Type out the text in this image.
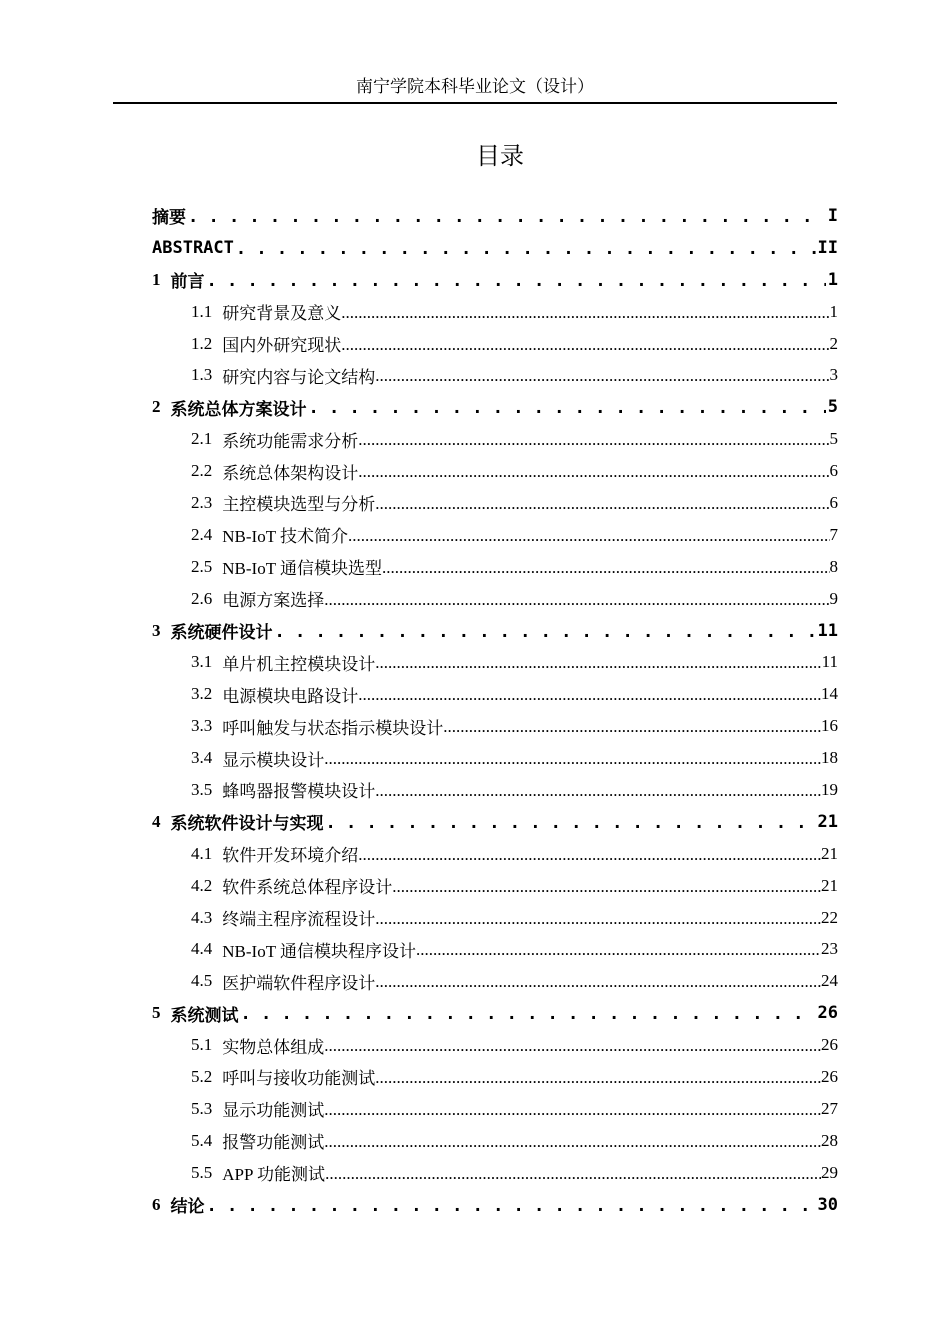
南宁学院本科毕业论文（设计）
目录
摘要 . . .	I
ABSTRACT . . .	II
1 前言 . . .	1
1.1 研究背景及意义 .....	1
1.2 国内外研究现状 .....	2
1.3 研究内容与论文结构 .....	3
2 系统总体方案设计 . . .	5
2.1 系统功能需求分析 .....	5
2.2 系统总体架构设计 .....	6
2.3 主控模块选型与分析 .....	6
2.4 NB-IoT 技术简介 .....	7
2.5 NB-IoT 通信模块选型 .....	8
2.6 电源方案选择 .....	9
3 系统硬件设计 . . .	11
3.1 单片机主控模块设计 .....	11
3.2 电源模块电路设计 .....	14
3.3 呼叫触发与状态指示模块设计 .....	16
3.4 显示模块设计 .....	18
3.5 蜂鸣器报警模块设计 .....	19
4 系统软件设计与实现 . . .	21
4.1 软件开发环境介绍 .....	21
4.2 软件系统总体程序设计 .....	21
4.3 终端主程序流程设计 .....	22
4.4 NB-IoT 通信模块程序设计 .....	23
4.5 医护端软件程序设计 .....	24
5 系统测试 . . .	26
5.1 实物总体组成 .....	26
5.2 呼叫与接收功能测试 .....	26
5.3 显示功能测试 .....	27
5.4 报警功能测试 .....	28
5.5 APP 功能测试 .....	29
6 结论 . . .	30
